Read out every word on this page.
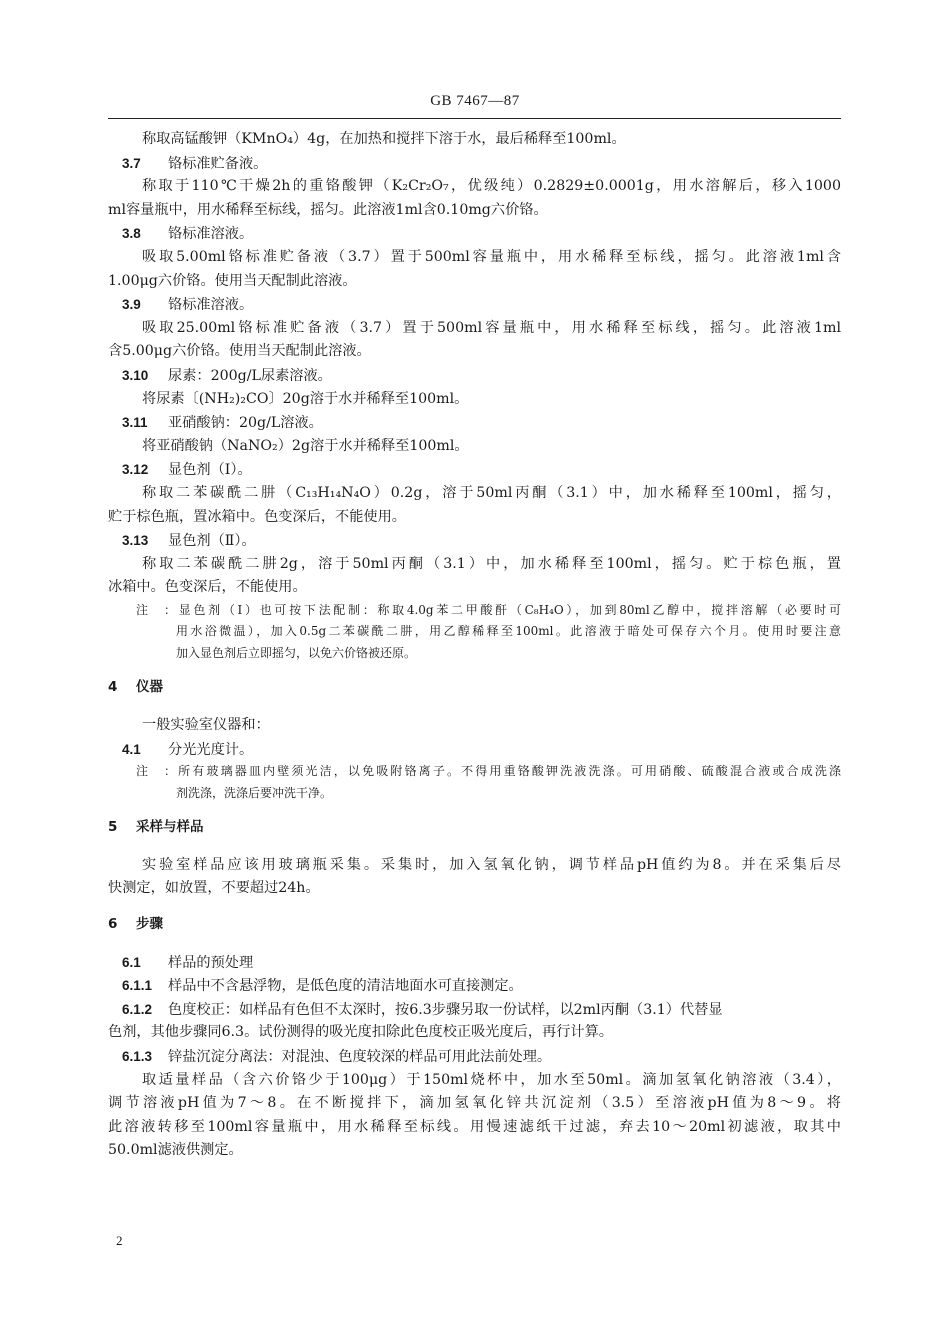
GB 7467—87
称取高锰酸钾（KMnO₄）4g，在加热和搅拌下溶于水，最后稀释至100ml。
3.7 铬标准贮备液。
称取于110℃干燥2h的重铬酸钾（K₂Cr₂O₇，优级纯）0.2829±0.0001g，用水溶解后，移入1000
ml容量瓶中，用水稀释至标线，摇匀。此溶液1ml含0.10mg六价铬。
3.8 铬标准溶液。
吸取5.00ml铬标准贮备液（3.7）置于500ml容量瓶中，用水稀释至标线，摇匀。此溶液1ml含
1.00μg六价铬。使用当天配制此溶液。
3.9 铬标准溶液。
吸取25.00ml铬标准贮备液（3.7）置于500ml容量瓶中，用水稀释至标线，摇匀。此溶液1ml
含5.00μg六价铬。使用当天配制此溶液。
3.10 尿素：200g/L尿素溶液。
将尿素〔(NH₂)₂CO〕20g溶于水并稀释至100ml。
3.11 亚硝酸钠：20g/L溶液。
将亚硝酸钠（NaNO₂）2g溶于水并稀释至100ml。
3.12 显色剂（Ⅰ）。
称取二苯碳酰二肼（C₁₃H₁₄N₄O）0.2g，溶于50ml丙酮（3.1）中，加水稀释至100ml，摇匀，
贮于棕色瓶，置冰箱中。色变深后，不能使用。
3.13 显色剂（Ⅱ）。
称取二苯碳酰二肼2g，溶于50ml丙酮（3.1）中，加水稀释至100ml，摇匀。贮于棕色瓶，置
冰箱中。色变深后，不能使用。
注：显色剂（Ⅰ）也可按下法配制：称取4.0g苯二甲酸酐（C₈H₄O），加到80ml乙醇中，搅拌溶解（必要时可
用水浴微温），加入0.5g二苯碳酰二肼，用乙醇稀释至100ml。此溶液于暗处可保存六个月。使用时要注意
加入显色剂后立即摇匀，以免六价铬被还原。
4 仪器
一般实验室仪器和：
4.1 分光光度计。
注：所有玻璃器皿内壁须光洁，以免吸附铬离子。不得用重铬酸钾洗液洗涤。可用硝酸、硫酸混合液或合成洗涤
剂洗涤，洗涤后要冲洗干净。
5 采样与样品
实验室样品应该用玻璃瓶采集。采集时，加入氢氧化钠，调节样品pH值约为8。并在采集后尽
快测定，如放置，不要超过24h。
6 步骤
6.1 样品的预处理
6.1.1 样品中不含悬浮物，是低色度的清洁地面水可直接测定。
6.1.2 色度校正：如样品有色但不太深时，按6.3步骤另取一份试样，以2ml丙酮（3.1）代替显
色剂，其他步骤同6.3。试份测得的吸光度扣除此色度校正吸光度后，再行计算。
6.1.3 锌盐沉淀分离法：对混浊、色度较深的样品可用此法前处理。
取适量样品（含六价铬少于100μg）于150ml烧杯中，加水至50ml。滴加氢氧化钠溶液（3.4），
调节溶液pH值为7～8。在不断搅拌下，滴加氢氧化锌共沉淀剂（3.5）至溶液pH值为8～9。将
此溶液转移至100ml容量瓶中，用水稀释至标线。用慢速滤纸干过滤，弃去10～20ml初滤液，取其中
50.0ml滤液供测定。
2
